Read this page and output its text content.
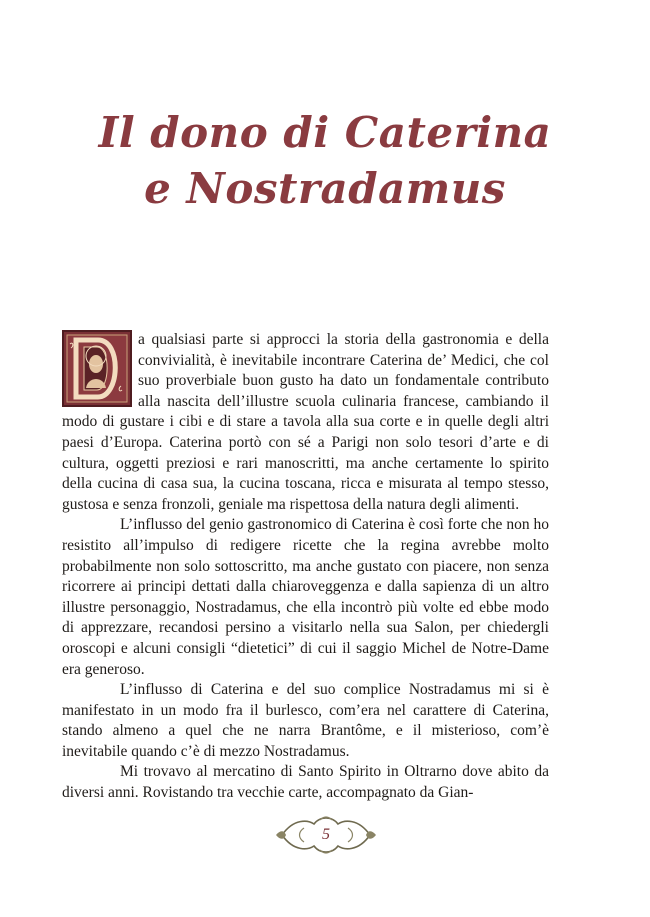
Il dono di Caterina
e Nostradamus

a qualsiasi parte si approcci la storia della gastronomia e della convivialità, è inevitabile incontrare Caterina de’ Medici, che col suo proverbiale buon gusto ha dato un fondamentale contributo alla nascita dell’illustre scuola culinaria francese, cambiando il modo di gustare i cibi e di stare a tavola alla sua corte e in quelle degli altri paesi d’Europa. Caterina portò con sé a Parigi non solo tesori d’arte e di cultura, oggetti preziosi e rari manoscritti, ma anche certamente lo spirito della cucina di casa sua, la cucina toscana, ricca e misurata al tempo stesso, gustosa e senza fronzoli, geniale ma rispettosa della natura degli alimenti.

L’influsso del genio gastronomico di Caterina è così forte che non ho resistito all’impulso di redigere ricette che la regina avrebbe molto probabilmente non solo sottoscritto, ma anche gustato con piacere, non senza ricorrere ai principi dettati dalla chiaroveggenza e dalla sapienza di un altro illustre personaggio, Nostradamus, che ella incontrò più volte ed ebbe modo di apprezzare, recandosi persino a visitarlo nella sua Salon, per chiedergli oroscopi e alcuni consigli “dietetici” di cui il saggio Michel de Notre-Dame era generoso.

L’influsso di Caterina e del suo complice Nostradamus mi si è manifestato in un modo fra il burlesco, com’era nel carattere di Caterina, stando almeno a quel che ne narra Brantôme, e il misterioso, com’è inevitabile quando c’è di mezzo Nostradamus.

Mi trovavo al mercatino di Santo Spirito in Oltrarno dove abito da diversi anni. Rovistando tra vecchie carte, accompagnato da Gian-

5
